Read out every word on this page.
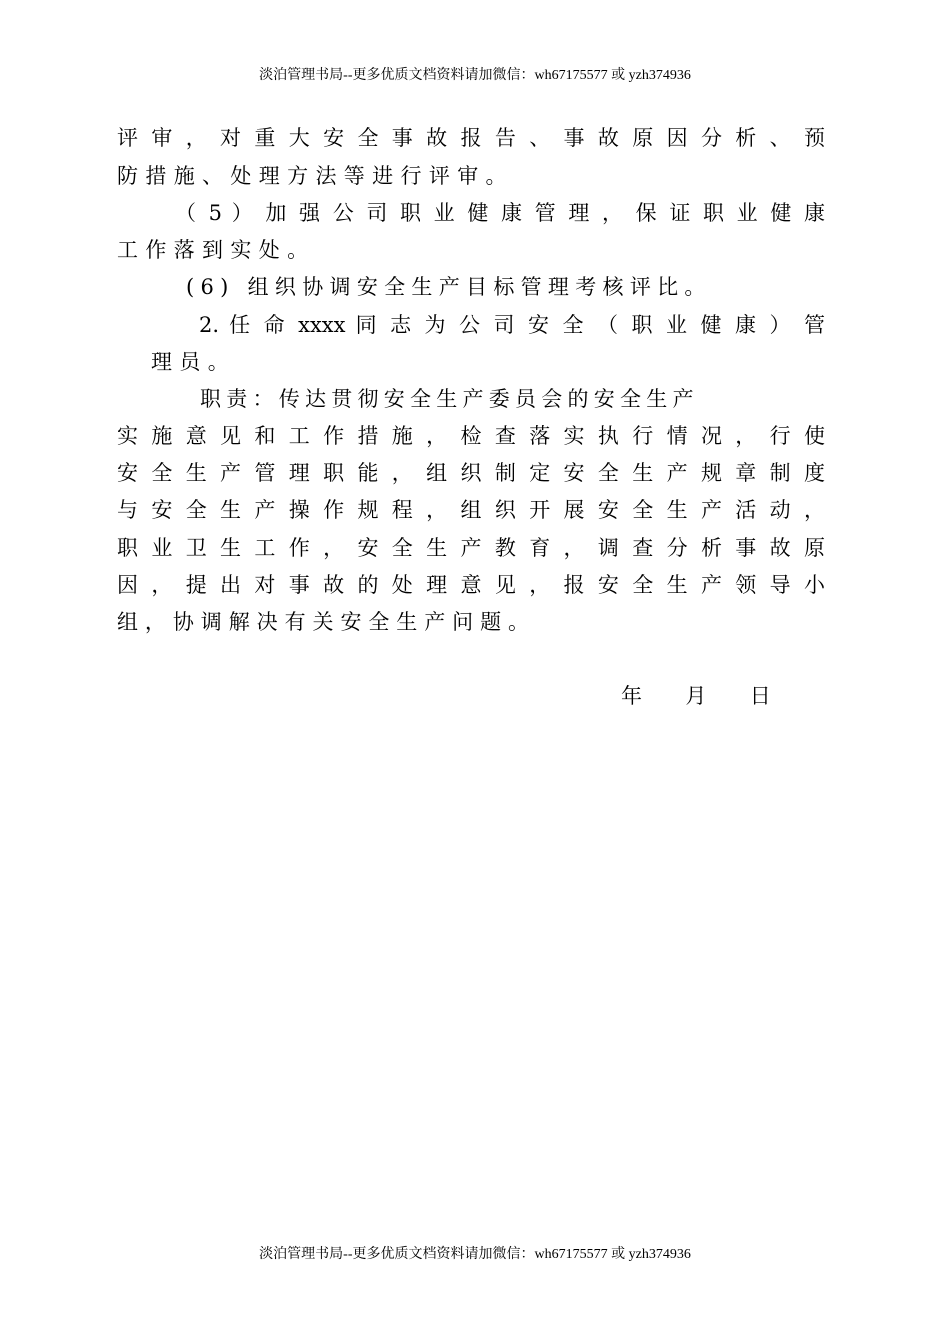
淡泊管理书局--更多优质文档资料请加微信：wh67175577 或 yzh374936
评 审 ， 对 重 大 安 全 事 故 报 告 、 事 故 原 因 分 析 、 预
防措施、处理方法等进行评审。
（ 5 ） 加 强 公 司 职 业 健 康 管 理 ， 保 证 职 业 健 康
工作落到实处。
(6) 组织协调安全生产目标管理考核评比。
2. 任 命 xxxx 同 志 为 公 司 安 全 （ 职 业 健 康 ） 管
理员。
职责：传达贯彻安全生产委员会的安全生产
实 施 意 见 和 工 作 措 施 ， 检 查 落 实 执 行 情 况 ， 行 使
安 全 生 产 管 理 职 能 ， 组 织 制 定 安 全 生 产 规 章 制 度
与 安 全 生 产 操 作 规 程 ， 组 织 开 展 安 全 生 产 活 动 ，
职 业 卫 生 工 作 ， 安 全 生 产 教 育 ， 调 查 分 析 事 故 原
因 ， 提 出 对 事 故 的 处 理 意 见 ， 报 安 全 生 产 领 导 小
组，协调解决有关安全生产问题。
年 月 日
淡泊管理书局--更多优质文档资料请加微信：wh67175577 或 yzh374936
